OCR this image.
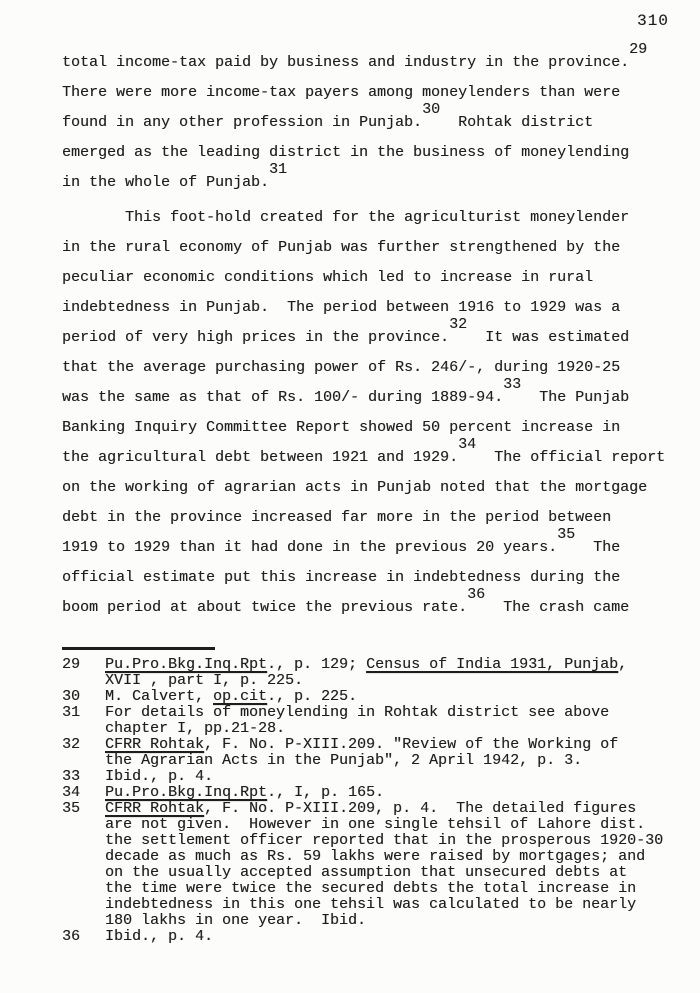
310
total income-tax paid by business and industry in the province.29
There were more income-tax payers among moneylenders than were
found in any other profession in Punjab.30  Rohtak district
emerged as the leading district in the business of moneylending
in the whole of Punjab.31
This foot-hold created for the agriculturist moneylender
in the rural economy of Punjab was further strengthened by the
peculiar economic conditions which led to increase in rural
indebtedness in Punjab.  The period between 1916 to 1929 was a
period of very high prices in the province.32  It was estimated
that the average purchasing power of Rs. 246/-, during 1920-25
was the same as that of Rs. 100/- during 1889-94.33  The Punjab
Banking Inquiry Committee Report showed 50 percent increase in
the agricultural debt between 1921 and 1929.34  The official report
on the working of agrarian acts in Punjab noted that the mortgage
debt in the province increased far more in the period between
1919 to 1929 than it had done in the previous 20 years.35  The
official estimate put this increase in indebtedness during the
boom period at about twice the previous rate.36  The crash came
29	Pu.Pro.Bkg.Inq.Rpt., p. 129; Census of India 1931, Punjab,
XVII , part I, p. 225.
30	M. Calvert, op.cit., p. 225.
31	For details of moneylending in Rohtak district see above
chapter I, pp.21-28.
32	CFRR Rohtak, F. No. P-XIII.209. "Review of the Working of
the Agrarian Acts in the Punjab", 2 April 1942, p. 3.
33	Ibid., p. 4.
34	Pu.Pro.Bkg.Inq.Rpt., I, p. 165.
35	CFRR Rohtak, F. No. P-XIII.209, p. 4.  The detailed figures
are not given.  However in one single tehsil of Lahore dist.
the settlement officer reported that in the prosperous 1920-30
decade as much as Rs. 59 lakhs were raised by mortgages; and
on the usually accepted assumption that unsecured debts at
the time were twice the secured debts the total increase in
indebtedness in this one tehsil was calculated to be nearly
180 lakhs in one year.  Ibid.
36	Ibid., p. 4.
